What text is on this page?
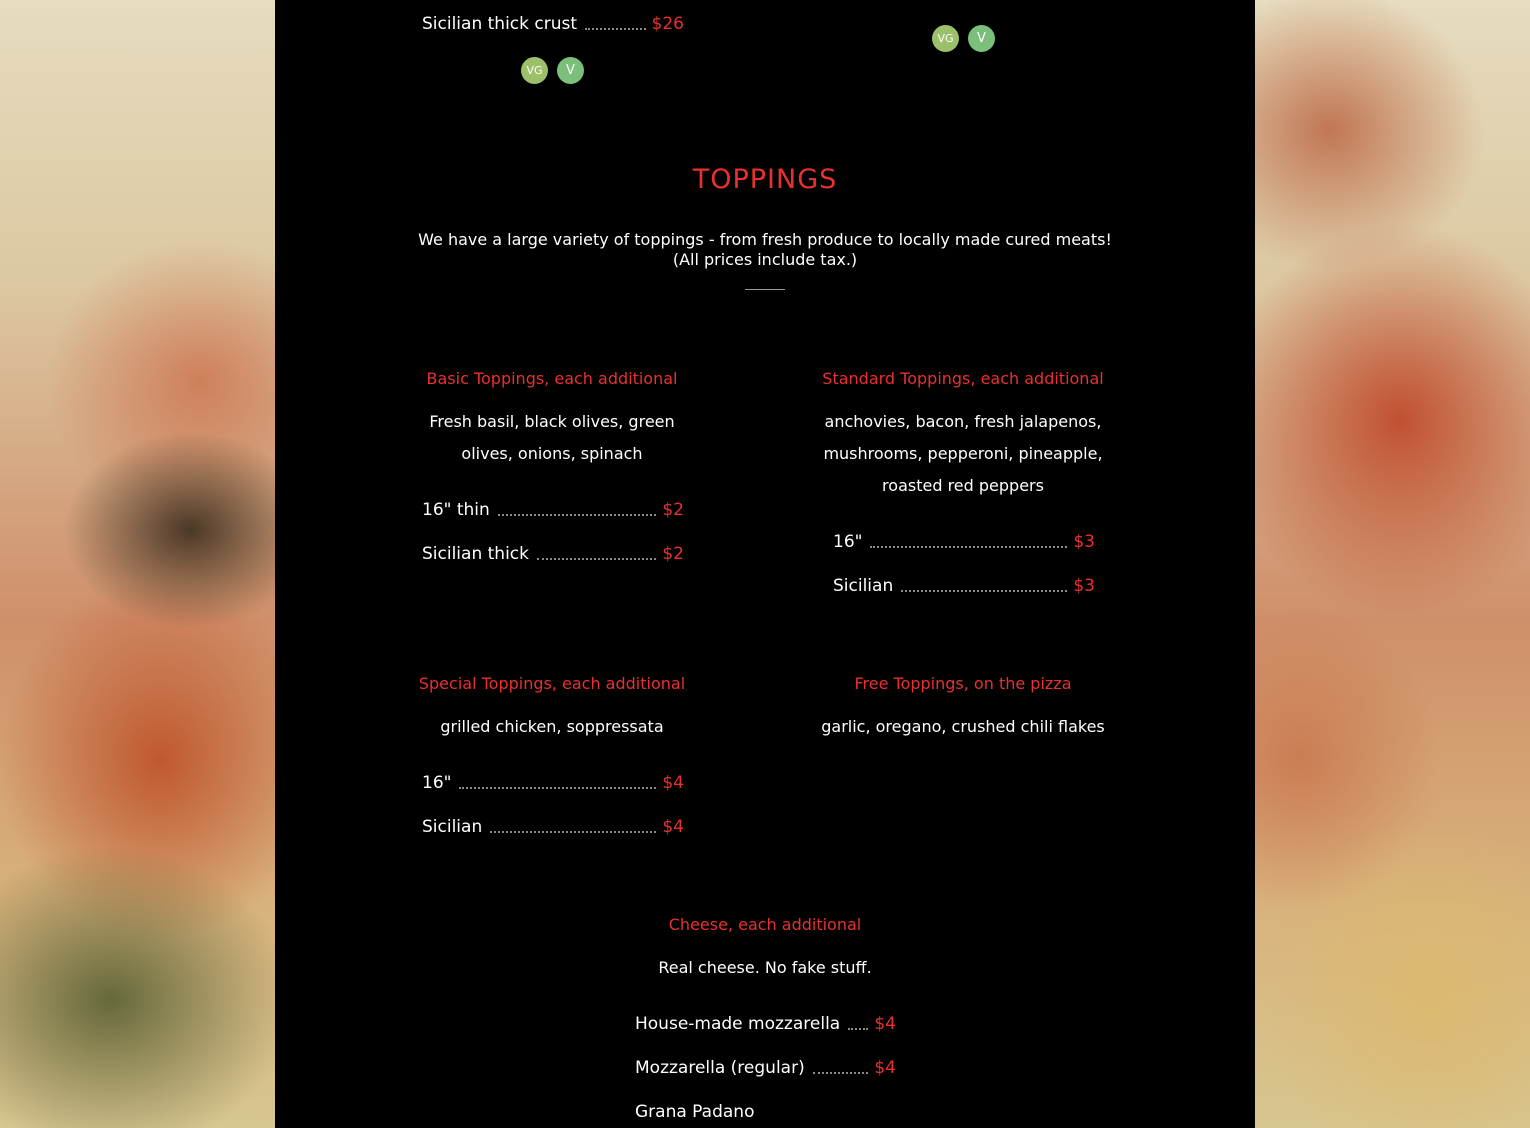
Sicilian thick crust	$26
VG	V
VG	V
TOPPINGS
We have a large variety of toppings - from fresh produce to locally made cured meats! (All prices include tax.)
Basic Toppings, each additional
Fresh basil, black olives, green olives, onions, spinach
16" thin	$2
Sicilian thick	$2
Standard Toppings, each additional
anchovies, bacon, fresh jalapenos, mushrooms, pepperoni, pineapple, roasted red peppers
16"	$3
Sicilian	$3
Special Toppings, each additional
grilled chicken, soppressata
16"	$4
Sicilian	$4
Free Toppings, on the pizza
garlic, oregano, crushed chili flakes
Cheese, each additional
Real cheese. No fake stuff.
House-made mozzarella $4
Mozzarella (regular)	$4
Grana Padano
